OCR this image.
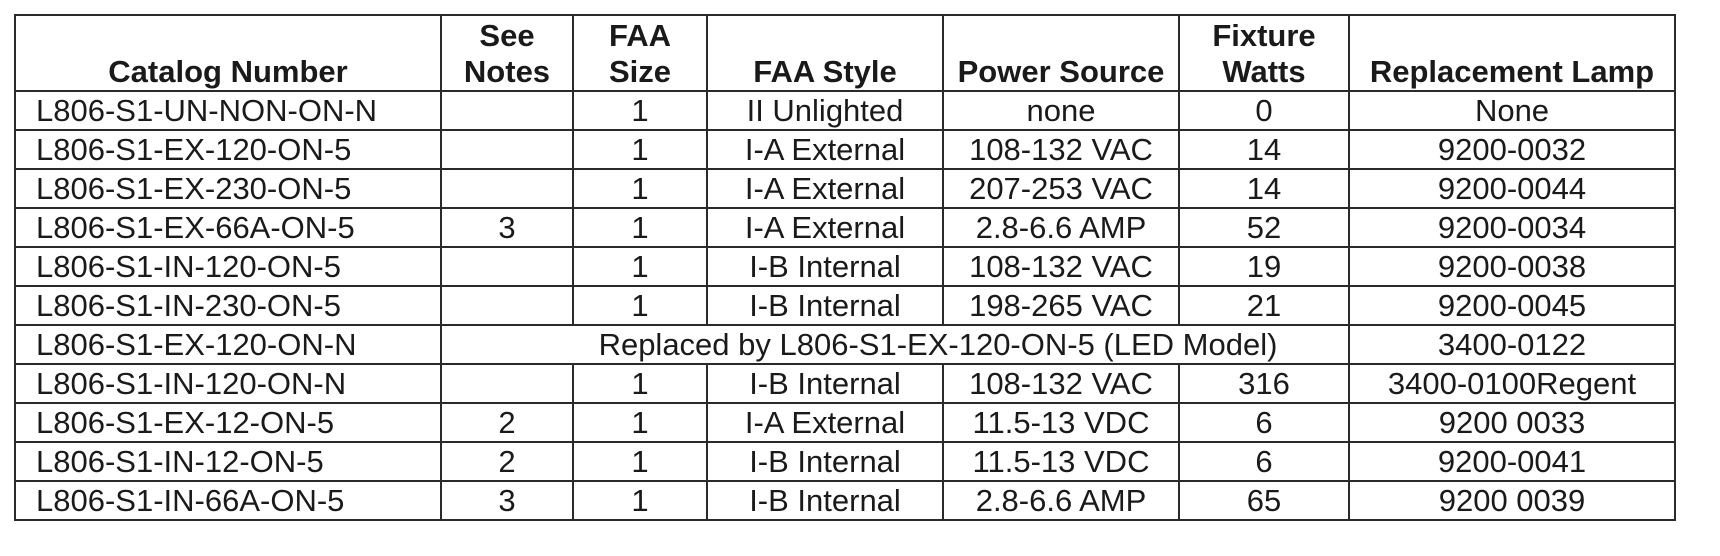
Catalog Number	See Notes	FAA Size	FAA Style	Power Source	Fixture Watts	Replacement Lamp
L806-S1-UN-NON-ON-N		1	II Unlighted	none	0	None
L806-S1-EX-120-ON-5		1	I-A External	108-132 VAC	14	9200-0032
L806-S1-EX-230-ON-5		1	I-A External	207-253 VAC	14	9200-0044
L806-S1-EX-66A-ON-5	3	1	I-A External	2.8-6.6 AMP	52	9200-0034
L806-S1-IN-120-ON-5		1	I-B Internal	108-132 VAC	19	9200-0038
L806-S1-IN-230-ON-5		1	I-B Internal	198-265 VAC	21	9200-0045
L806-S1-EX-120-ON-N	Replaced by L806-S1-EX-120-ON-5 (LED Model)					3400-0122
L806-S1-IN-120-ON-N		1	I-B Internal	108-132 VAC	316	3400-0100Regent
L806-S1-EX-12-ON-5	2	1	I-A External	11.5-13 VDC	6	9200 0033
L806-S1-IN-12-ON-5	2	1	I-B Internal	11.5-13 VDC	6	9200-0041
L806-S1-IN-66A-ON-5	3	1	I-B Internal	2.8-6.6 AMP	65	9200 0039
